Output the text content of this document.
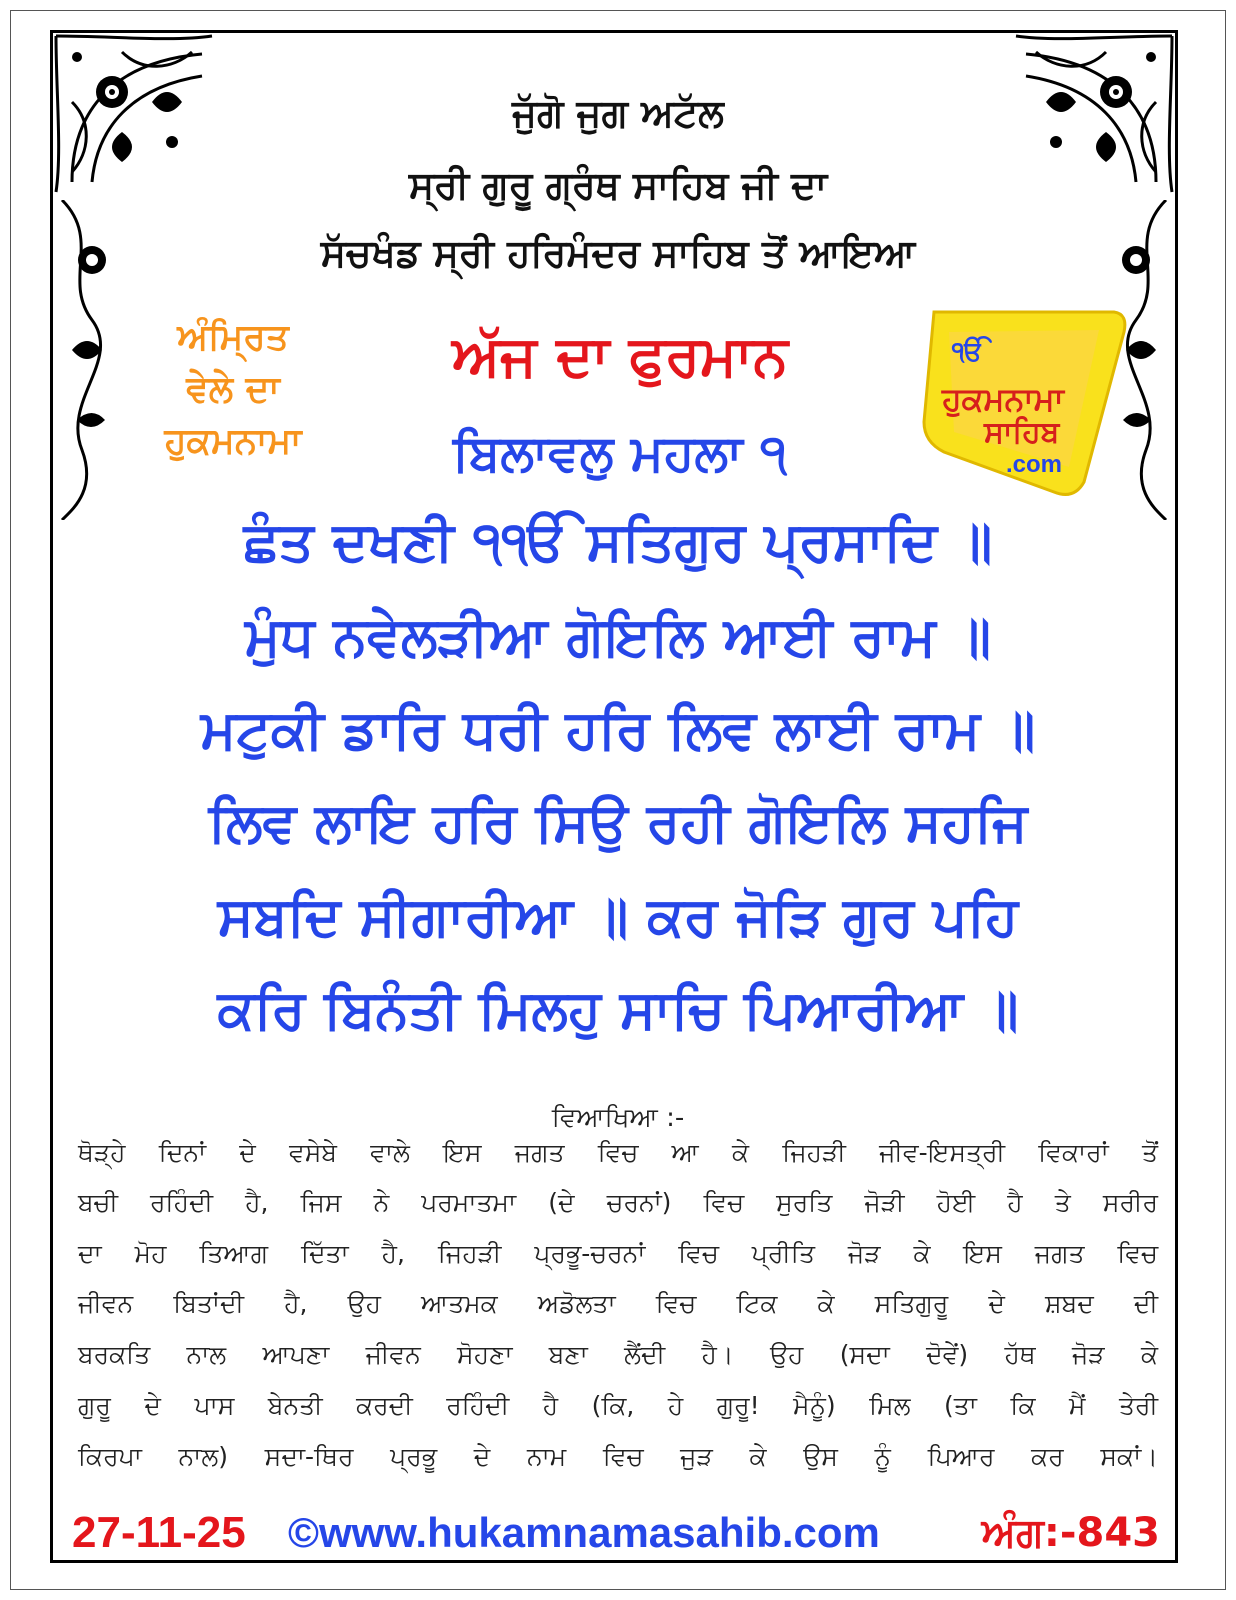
ਜੁੱਗੋ ਜੁਗ ਅਟੱਲ
ਸ੍ਰੀ ਗੁਰੂ ਗ੍ਰੰਥ ਸਾਹਿਬ ਜੀ ਦਾ
ਸੱਚਖੰਡ ਸ੍ਰੀ ਹਰਿਮੰਦਰ ਸਾਹਿਬ ਤੋਂ ਆਇਆ
ਅੰਮ੍ਰਿਤ
ਵੇਲੇ ਦਾ
ਹੁਕਮਨਾਮਾ
ਅੱਜ ਦਾ ਫੁਰਮਾਨ
ਬਿਲਾਵਲੁ ਮਹਲਾ ੧
ੴ
ਹੁਕਮਨਾਮਾ
ਸਾਹਿਬ
.com
ਛੰਤ ਦਖਣੀ ੧ੴ ਸਤਿਗੁਰ ਪ੍ਰਸਾਦਿ ॥
ਮੁੰਧ ਨਵੇਲੜੀਆ ਗੋਇਲਿ ਆਈ ਰਾਮ ॥
ਮਟੁਕੀ ਡਾਰਿ ਧਰੀ ਹਰਿ ਲਿਵ ਲਾਈ ਰਾਮ ॥
ਲਿਵ ਲਾਇ ਹਰਿ ਸਿਉ ਰਹੀ ਗੋਇਲਿ ਸਹਜਿ
ਸਬਦਿ ਸੀਗਾਰੀਆ ॥ ਕਰ ਜੋੜਿ ਗੁਰ ਪਹਿ
ਕਰਿ ਬਿਨੰਤੀ ਮਿਲਹੁ ਸਾਚਿ ਪਿਆਰੀਆ ॥
ਵਿਆਖਿਆ :-
ਥੋੜ੍ਹੇ ਦਿਨਾਂ ਦੇ ਵਸੇਬੇ ਵਾਲੇ ਇਸ ਜਗਤ ਵਿਚ ਆ ਕੇ ਜਿਹੜੀ ਜੀਵ-ਇਸਤ੍ਰੀ ਵਿਕਾਰਾਂ ਤੋਂ
ਬਚੀ ਰਹਿੰਦੀ ਹੈ, ਜਿਸ ਨੇ ਪਰਮਾਤਮਾ (ਦੇ ਚਰਨਾਂ) ਵਿਚ ਸੁਰਤਿ ਜੋੜੀ ਹੋਈ ਹੈ ਤੇ ਸਰੀਰ
ਦਾ ਮੋਹ ਤਿਆਗ ਦਿੱਤਾ ਹੈ, ਜਿਹੜੀ ਪ੍ਰਭੂ-ਚਰਨਾਂ ਵਿਚ ਪ੍ਰੀਤਿ ਜੋੜ ਕੇ ਇਸ ਜਗਤ ਵਿਚ
ਜੀਵਨ ਬਿਤਾਂਦੀ ਹੈ, ਉਹ ਆਤਮਕ ਅਡੋਲਤਾ ਵਿਚ ਟਿਕ ਕੇ ਸਤਿਗੁਰੂ ਦੇ ਸ਼ਬਦ ਦੀ
ਬਰਕਤਿ ਨਾਲ ਆਪਣਾ ਜੀਵਨ ਸੋਹਣਾ ਬਣਾ ਲੈਂਦੀ ਹੈ। ਉਹ (ਸਦਾ ਦੋਵੇਂ) ਹੱਥ ਜੋੜ ਕੇ
ਗੁਰੂ ਦੇ ਪਾਸ ਬੇਨਤੀ ਕਰਦੀ ਰਹਿੰਦੀ ਹੈ (ਕਿ, ਹੇ ਗੁਰੂ! ਮੈਨੂੰ) ਮਿਲ (ਤਾ ਕਿ ਮੈਂ ਤੇਰੀ
ਕਿਰਪਾ ਨਾਲ) ਸਦਾ-ਥਿਰ ਪ੍ਰਭੂ ਦੇ ਨਾਮ ਵਿਚ ਜੁੜ ਕੇ ਉਸ ਨੂੰ ਪਿਆਰ ਕਰ ਸਕਾਂ।
27-11-25 ©www.hukamnamasahib.com	ਅੰਗ:-843
